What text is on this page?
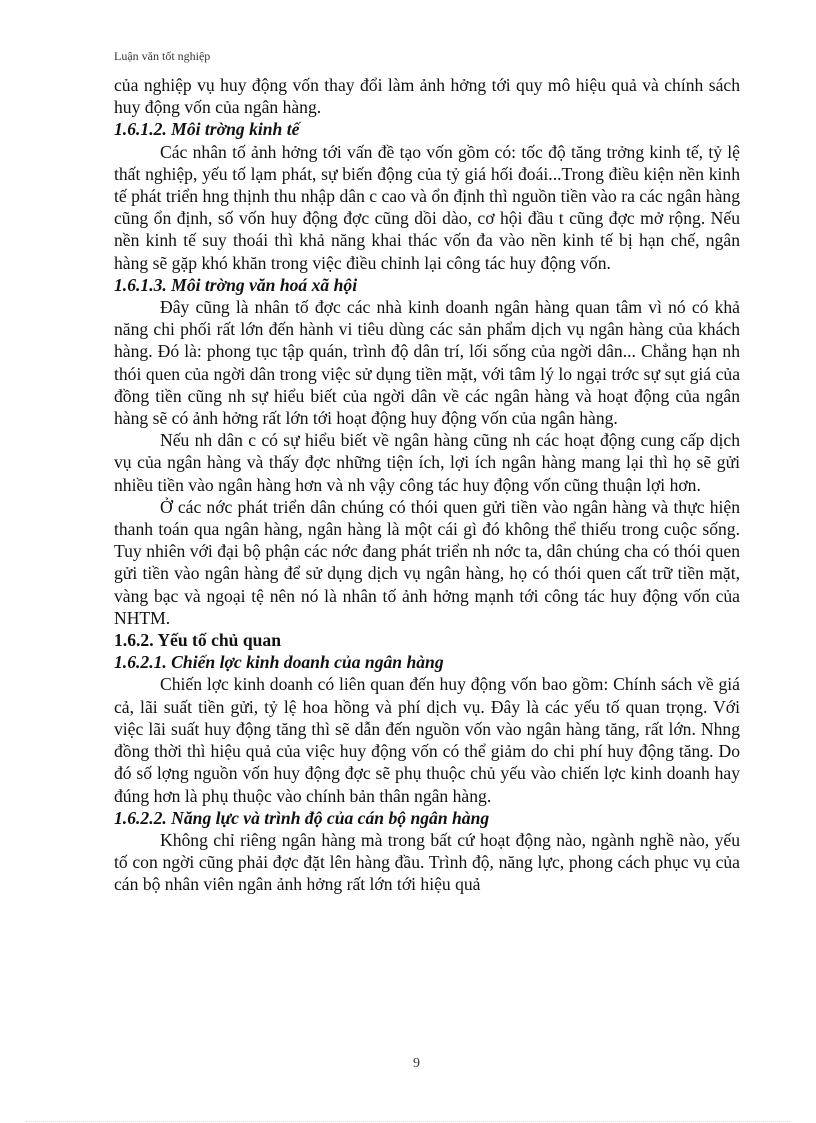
Luận văn tốt nghiệp

của nghiệp vụ huy động vốn thay đổi làm ảnh hởng tới quy mô hiệu quả và chính sách huy động vốn của ngân hàng.

1.6.1.2. Môi trờng kinh tế

Các nhân tố ảnh hởng tới vấn đề tạo vốn gồm có: tốc độ tăng trởng kinh tế, tỷ lệ thất nghiệp, yếu tố lạm phát, sự biến động của tỷ giá hối đoái...Trong điều kiện nền kinh tế phát triển hng thịnh thu nhập dân c cao và ổn định thì nguồn tiền vào ra các ngân hàng cũng ổn định, số vốn huy động đợc cũng dồi dào, cơ hội đầu t cũng đợc mở rộng. Nếu nền kinh tế suy thoái thì khả năng khai thác vốn đa vào nền kinh tế bị hạn chế, ngân hàng sẽ gặp khó khăn trong việc điều chỉnh lại công tác huy động vốn.

1.6.1.3. Môi trờng văn hoá xã hội

Đây cũng là nhân tố đợc các nhà kinh doanh ngân hàng quan tâm vì nó có khả năng chi phối rất lớn đến hành vi tiêu dùng các sản phẩm dịch vụ ngân hàng của khách hàng. Đó là: phong tục tập quán, trình độ dân trí, lối sống của ngời dân... Chẳng hạn nh thói quen của ngời dân trong việc sử dụng tiền mặt, với tâm lý lo ngại trớc sự sụt giá của đồng tiền cũng nh sự hiểu biết của ngời dân về các ngân hàng và hoạt động của ngân hàng sẽ có ảnh hởng rất lớn tới hoạt động huy động vốn của ngân hàng.

Nếu nh dân c có sự hiểu biết về ngân hàng cũng nh các hoạt động cung cấp dịch vụ của ngân hàng và thấy đợc những tiện ích, lợi ích ngân hàng mang lại thì họ sẽ gửi nhiều tiền vào ngân hàng hơn và nh vậy công tác huy động vốn cũng thuận lợi hơn.

Ở các nớc phát triển dân chúng có thói quen gửi tiền vào ngân hàng và thực hiện thanh toán qua ngân hàng, ngân hàng là một cái gì đó không thể thiếu trong cuộc sống. Tuy nhiên với đại bộ phận các nớc đang phát triển nh nớc ta, dân chúng cha có thói quen gửi tiền vào ngân hàng để sử dụng dịch vụ ngân hàng, họ có thói quen cất trữ tiền mặt, vàng bạc và ngoại tệ nên nó là nhân tố ảnh hởng mạnh tới công tác huy động vốn của NHTM.

1.6.2. Yếu tố chủ quan

1.6.2.1. Chiến lợc kinh doanh của ngân hàng

Chiến lợc kinh doanh có liên quan đến huy động vốn bao gồm: Chính sách về giá cả, lãi suất tiền gửi, tỷ lệ hoa hồng và phí dịch vụ. Đây là các yếu tố quan trọng. Với việc lãi suất huy động tăng thì sẽ dẫn đến nguồn vốn vào ngân hàng tăng, rất lớn. Nhng đồng thời thì hiệu quả của việc huy động vốn có thể giảm do chi phí huy động tăng. Do đó số lợng nguồn vốn huy động đợc sẽ phụ thuộc chủ yếu vào chiến lợc kinh doanh hay đúng hơn là phụ thuộc vào chính bản thân ngân hàng.

1.6.2.2. Năng lực và trình độ của cán bộ ngân hàng

Không chỉ riêng ngân hàng mà trong bất cứ hoạt động nào, ngành nghề nào, yếu tố con ngời cũng phải đợc đặt lên hàng đầu. Trình độ, năng lực, phong cách phục vụ của cán bộ nhân viên ngân ảnh hởng rất lớn tới hiệu quả

9
